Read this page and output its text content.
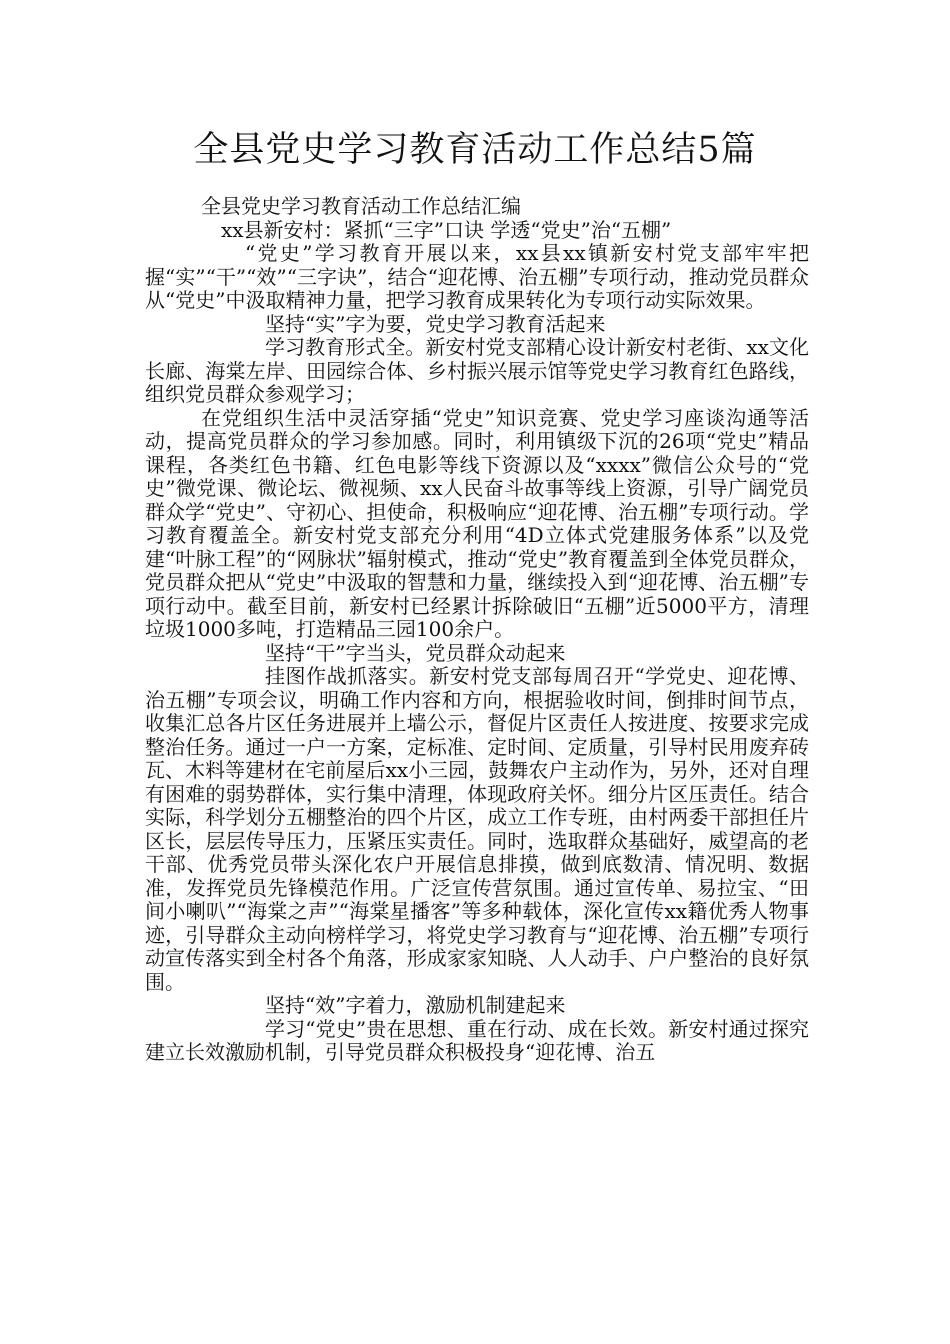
全县党史学习教育活动工作总结5篇

全县党史学习教育活动工作总结汇编

xx县新安村：紧抓“三字”口诀 学透“党史”治“五棚”

“党史”学习教育开展以来，xx县xx镇新安村党支部牢牢把握“实”“干”“效”“三字诀”，结合“迎花博、治五棚”专项行动，推动党员群众从“党史”中汲取精神力量，把学习教育成果转化为专项行动实际效果。

坚持“实”字为要，党史学习教育活起来

学习教育形式全。新安村党支部精心设计新安村老街、xx文化长廊、海棠左岸、田园综合体、乡村振兴展示馆等党史学习教育红色路线，组织党员群众参观学习；

在党组织生活中灵活穿插“党史”知识竞赛、党史学习座谈沟通等活动，提高党员群众的学习参加感。同时，利用镇级下沉的26项“党史”精品课程，各类红色书籍、红色电影等线下资源以及“xxxx”微信公众号的“党史”微党课、微论坛、微视频、xx人民奋斗故事等线上资源，引导广阔党员群众学“党史”、守初心、担使命，积极响应“迎花博、治五棚”专项行动。学习教育覆盖全。新安村党支部充分利用“4D立体式党建服务体系”以及党建“叶脉工程”的“网脉状”辐射模式，推动“党史”教育覆盖到全体党员群众，党员群众把从“党史”中汲取的智慧和力量，继续投入到“迎花博、治五棚”专项行动中。截至目前，新安村已经累计拆除破旧“五棚”近5000平方，清理垃圾1000多吨，打造精品三园100余户。

坚持“干”字当头，党员群众动起来

挂图作战抓落实。新安村党支部每周召开“学党史、迎花博、治五棚”专项会议，明确工作内容和方向，根据验收时间，倒排时间节点，收集汇总各片区任务进展并上墙公示，督促片区责任人按进度、按要求完成整治任务。通过一户一方案，定标准、定时间、定质量，引导村民用废弃砖瓦、木料等建材在宅前屋后xx小三园，鼓舞农户主动作为，另外，还对自理有困难的弱势群体，实行集中清理，体现政府关怀。细分片区压责任。结合实际，科学划分五棚整治的四个片区，成立工作专班，由村两委干部担任片区长，层层传导压力，压紧压实责任。同时，选取群众基础好，威望高的老干部、优秀党员带头深化农户开展信息排摸，做到底数清、情况明、数据准，发挥党员先锋模范作用。广泛宣传营氛围。通过宣传单、易拉宝、“田间小喇叭”“海棠之声”“海棠星播客”等多种载体，深化宣传xx籍优秀人物事迹，引导群众主动向榜样学习，将党史学习教育与“迎花博、治五棚”专项行动宣传落实到全村各个角落，形成家家知晓、人人动手、户户整治的良好氛围。

坚持“效”字着力，激励机制建起来

学习“党史”贵在思想、重在行动、成在长效。新安村通过探究建立长效激励机制，引导党员群众积极投身“迎花博、治五
